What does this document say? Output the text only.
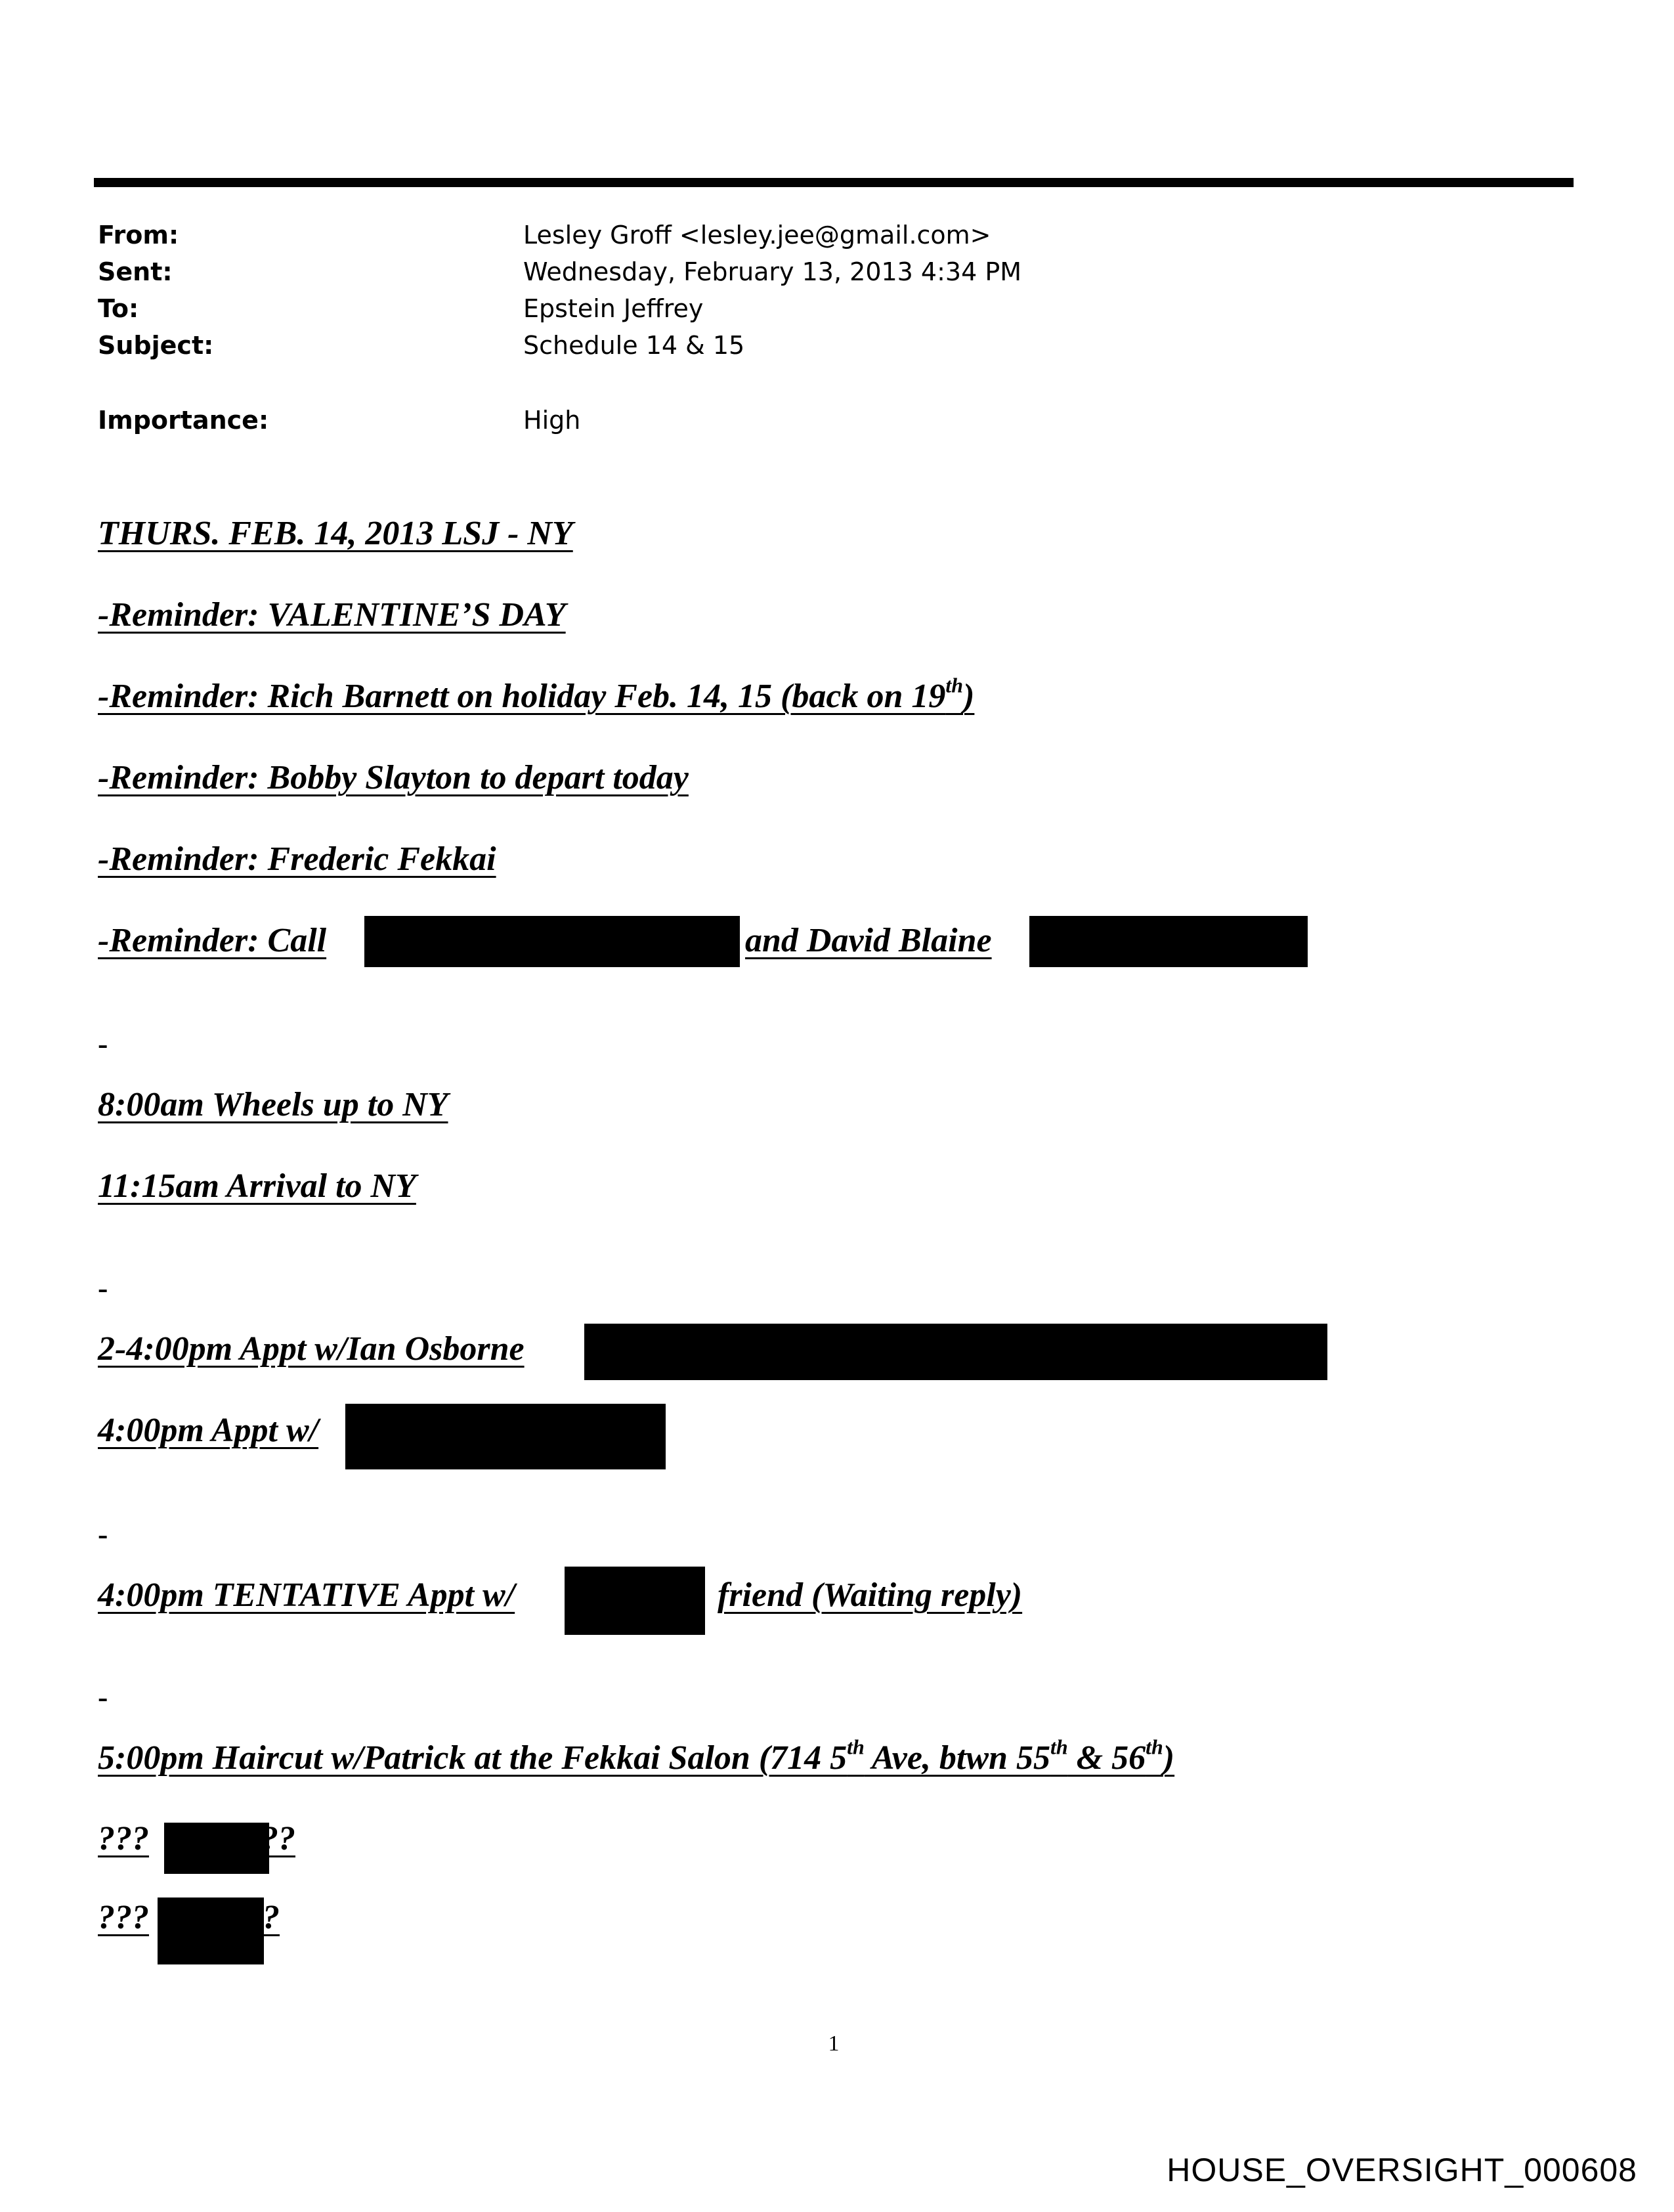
From:	Lesley Groff <lesley.jee@gmail.com>
Sent:	Wednesday, February 13, 2013 4:34 PM
To:	Epstein Jeffrey
Subject:	Schedule 14 & 15
Importance:	High
THURS. FEB. 14, 2013 LSJ - NY
-Reminder: VALENTINE’S DAY
-Reminder: Rich Barnett on holiday Feb. 14, 15 (back on 19th)
-Reminder: Bobby Slayton to depart today
-Reminder: Frederic Fekkai
-Reminder: Call	and David Blaine
-
8:00am Wheels up to NY
11:15am Arrival to NY
-
2-4:00pm Appt w/Ian Osborne
4:00pm Appt w/
-
4:00pm TENTATIVE Appt w/	friend (Waiting reply)
-
5:00pm Haircut w/Patrick at the Fekkai Salon (714 5th Ave, btwn 55th & 56th)
???	??
???	?
1
HOUSE_OVERSIGHT_000608
